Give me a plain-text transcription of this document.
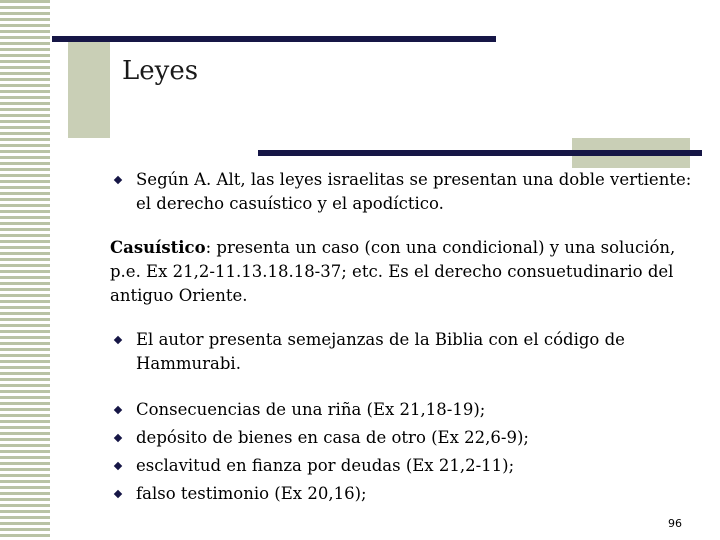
Leyes
Según A. Alt, las leyes israelitas se presentan una doble vertiente:
el derecho casuístico y el apodíctico.
Casuístico: presenta un caso (con una condicional) y una solución,
p.e. Ex 21,2-11.13.18.18-37; etc. Es el derecho consuetudinario del
antiguo Oriente.
El autor presenta semejanzas de la Biblia con el código de
Hammurabi.
Consecuencias de una riña (Ex 21,18-19);
depósito de bienes en casa de otro (Ex 22,6-9);
esclavitud en fianza por deudas (Ex 21,2-11);
falso testimonio (Ex 20,16);
96
